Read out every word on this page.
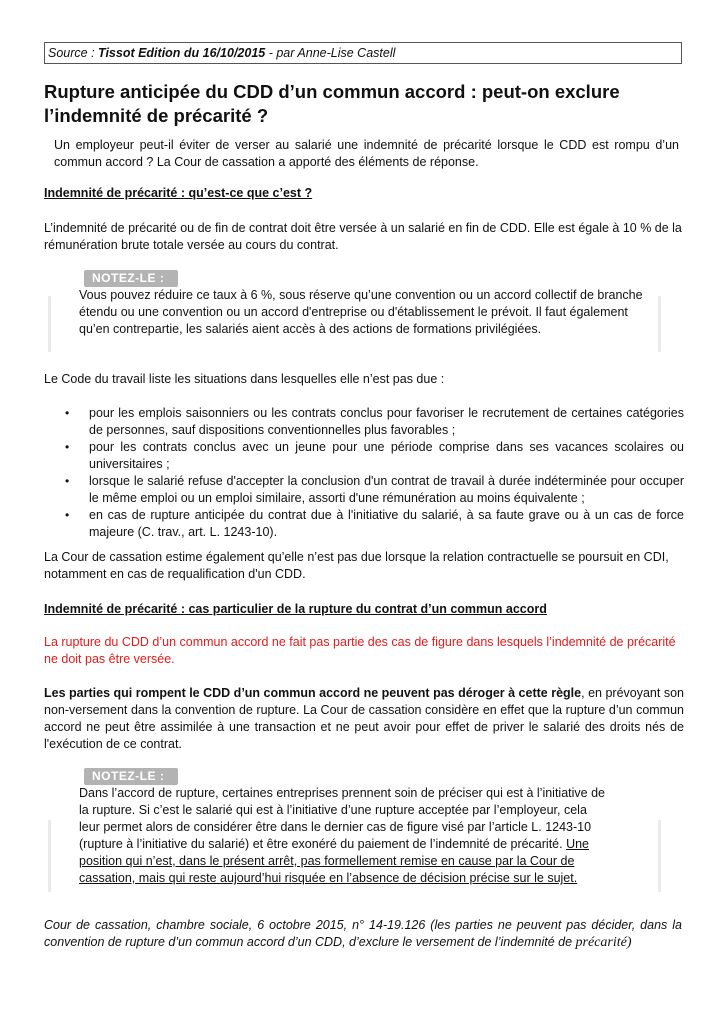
Source : Tissot Edition du 16/10/2015 - par Anne-Lise Castell
Rupture anticipée du CDD d’un commun accord : peut-on exclure l’indemnité de précarité ?

Un employeur peut-il éviter de verser au salarié une indemnité de précarité lorsque le CDD est rompu d’un commun accord ? La Cour de cassation a apporté des éléments de réponse.

Indemnité de précarité : qu’est-ce que c’est ?

L’indemnité de précarité ou de fin de contrat doit être versée à un salarié en fin de CDD. Elle est égale à 10 % de la rémunération brute totale versée au cours du contrat.

NOTEZ-LE :

Vous pouvez réduire ce taux à 6 %, sous réserve qu’une convention ou un accord collectif de branche étendu ou une convention ou un accord d'entreprise ou d'établissement le prévoit. Il faut également qu’en contrepartie, les salariés aient accès à des actions de formations privilégiées.

Le Code du travail liste les situations dans lesquelles elle n’est pas due :

• pour les emplois saisonniers ou les contrats conclus pour favoriser le recrutement de certaines catégories de personnes, sauf dispositions conventionnelles plus favorables ;
• pour les contrats conclus avec un jeune pour une période comprise dans ses vacances scolaires ou universitaires ;
• lorsque le salarié refuse d'accepter la conclusion d'un contrat de travail à durée indéterminée pour occuper le même emploi ou un emploi similaire, assorti d'une rémunération au moins équivalente ;
• en cas de rupture anticipée du contrat due à l'initiative du salarié, à sa faute grave ou à un cas de force majeure (C. trav., art. L. 1243-10).

La Cour de cassation estime également qu’elle n’est pas due lorsque la relation contractuelle se poursuit en CDI, notamment en cas de requalification d'un CDD.

Indemnité de précarité : cas particulier de la rupture du contrat d’un commun accord

La rupture du CDD d’un commun accord ne fait pas partie des cas de figure dans lesquels l’indemnité de précarité ne doit pas être versée.

Les parties qui rompent le CDD d’un commun accord ne peuvent pas déroger à cette règle, en prévoyant son non-versement dans la convention de rupture. La Cour de cassation considère en effet que la rupture d’un commun accord ne peut être assimilée à une transaction et ne peut avoir pour effet de priver le salarié des droits nés de l'exécution de ce contrat.

NOTEZ-LE :

Dans l’accord de rupture, certaines entreprises prennent soin de préciser qui est à l’initiative de la rupture. Si c’est le salarié qui est à l’initiative d’une rupture acceptée par l’employeur, cela leur permet alors de considérer être dans le dernier cas de figure visé par l’article L. 1243-10 (rupture à l’initiative du salarié) et être exonéré du paiement de l’indemnité de précarité. Une position qui n’est, dans le présent arrêt, pas formellement remise en cause par la Cour de cassation, mais qui reste aujourd’hui risquée en l’absence de décision précise sur le sujet.

Cour de cassation, chambre sociale, 6 octobre 2015, n° 14-19.126 (les parties ne peuvent pas décider, dans la convention de rupture d’un commun accord d’un CDD, d’exclure le versement de l’indemnité de précarité)
